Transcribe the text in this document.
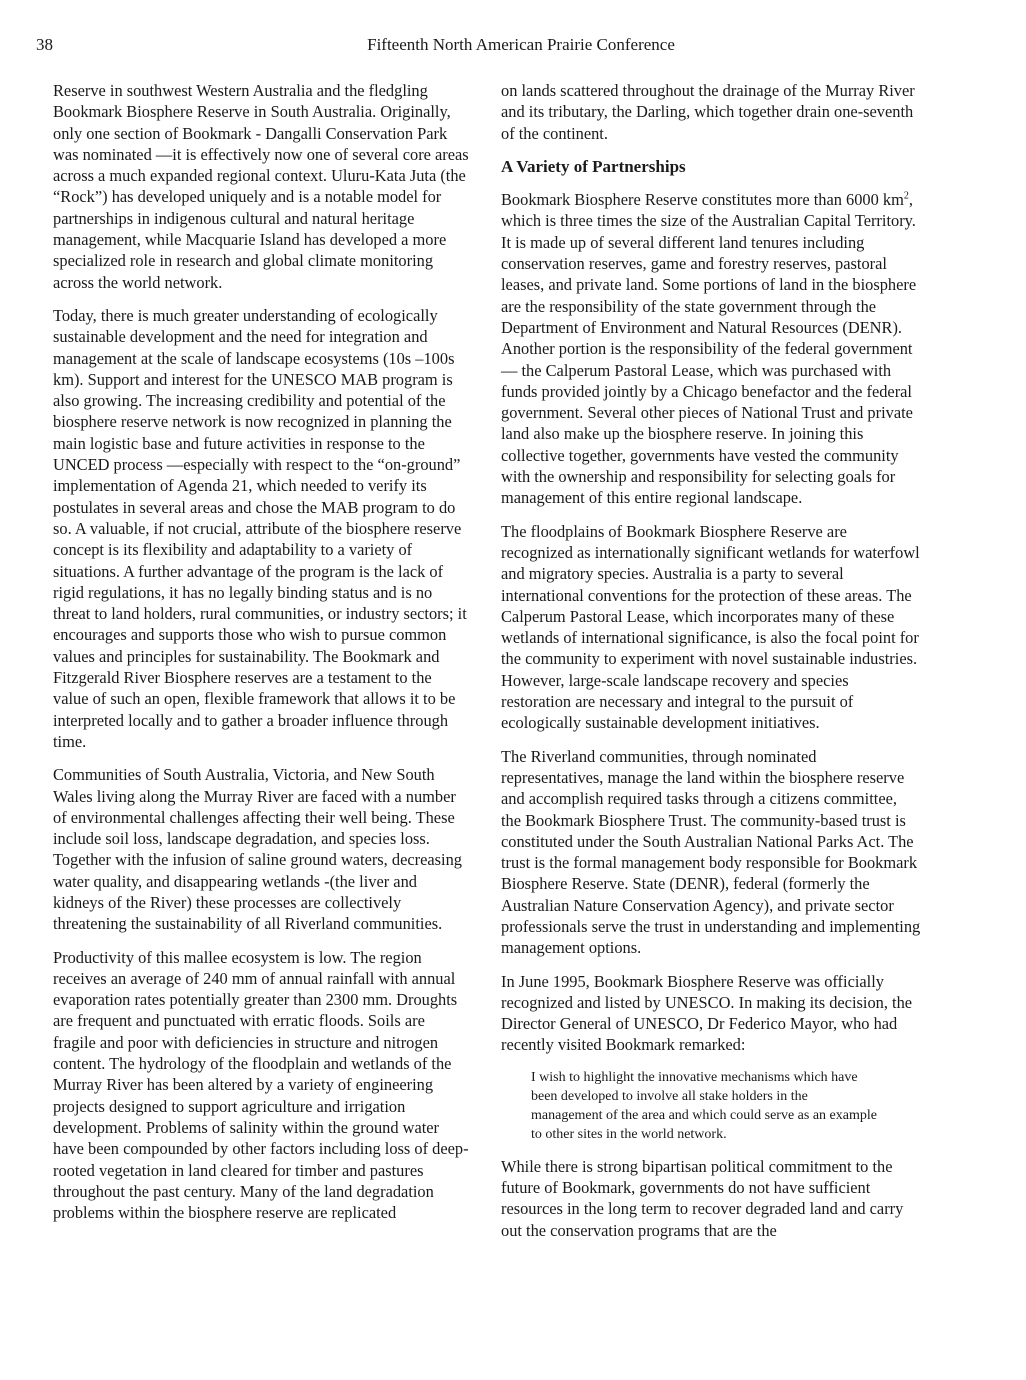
38	Fifteenth North American Prairie Conference

Reserve in southwest Western Australia and the fledgling Bookmark Biosphere Reserve in South Australia. Originally, only one section of Bookmark - Dangalli Conservation Park was nominated —it is effectively now one of several core areas across a much expanded regional context. Uluru-Kata Juta (the “Rock”) has developed uniquely and is a notable model for partnerships in indigenous cultural and natural heritage management, while Macquarie Island has developed a more specialized role in research and global climate monitoring across the world network.

Today, there is much greater understanding of ecologically sustainable development and the need for integration and management at the scale of landscape ecosystems (10s –100s km). Support and interest for the UNESCO MAB program is also growing. The increasing credibility and potential of the biosphere reserve network is now recognized in planning the main logistic base and future activities in response to the UNCED process —especially with respect to the “on-ground” implementation of Agenda 21, which needed to verify its postulates in several areas and chose the MAB program to do so. A valuable, if not crucial, attribute of the biosphere reserve concept is its flexibility and adaptability to a variety of situations. A further advantage of the program is the lack of rigid regulations, it has no legally binding status and is no threat to land holders, rural communities, or industry sectors; it encourages and supports those who wish to pursue common values and principles for sustainability. The Bookmark and Fitzgerald River Biosphere reserves are a testament to the value of such an open, flexible framework that allows it to be interpreted locally and to gather a broader influence through time.

Communities of South Australia, Victoria, and New South Wales living along the Murray River are faced with a number of environmental challenges affecting their well being. These include soil loss, landscape degradation, and species loss. Together with the infusion of saline ground waters, decreasing water quality, and disappearing wetlands -(the liver and kidneys of the River) these processes are collectively threatening the sustainability of all Riverland communities.

Productivity of this mallee ecosystem is low. The region receives an average of 240 mm of annual rainfall with annual evaporation rates potentially greater than 2300 mm. Droughts are frequent and punctuated with erratic floods. Soils are fragile and poor with deficiencies in structure and nitrogen content. The hydrology of the floodplain and wetlands of the Murray River has been altered by a variety of engineering projects designed to support agriculture and irrigation development. Problems of salinity within the ground water have been compounded by other factors including loss of deep-rooted vegetation in land cleared for timber and pastures throughout the past century. Many of the land degradation problems within the biosphere reserve are replicated

on lands scattered throughout the drainage of the Murray River and its tributary, the Darling, which together drain one-seventh of the continent.

A Variety of Partnerships

Bookmark Biosphere Reserve constitutes more than 6000 $km^2$, which is three times the size of the Australian Capital Territory. It is made up of several different land tenures including conservation reserves, game and forestry reserves, pastoral leases, and private land. Some portions of land in the biosphere are the responsibility of the state government through the Department of Environment and Natural Resources (DENR). Another portion is the responsibility of the federal government — the Calperum Pastoral Lease, which was purchased with funds provided jointly by a Chicago benefactor and the federal government. Several other pieces of National Trust and private land also make up the biosphere reserve. In joining this collective together, governments have vested the community with the ownership and responsibility for selecting goals for management of this entire regional landscape.

The floodplains of Bookmark Biosphere Reserve are recognized as internationally significant wetlands for waterfowl and migratory species. Australia is a party to several international conventions for the protection of these areas. The Calperum Pastoral Lease, which incorporates many of these wetlands of international significance, is also the focal point for the community to experiment with novel sustainable industries. However, large-scale landscape recovery and species restoration are necessary and integral to the pursuit of ecologically sustainable development initiatives.

The Riverland communities, through nominated representatives, manage the land within the biosphere reserve and accomplish required tasks through a citizens committee, the Bookmark Biosphere Trust. The community-based trust is constituted under the South Australian National Parks Act. The trust is the formal management body responsible for Bookmark Biosphere Reserve. State (DENR), federal (formerly the Australian Nature Conservation Agency), and private sector professionals serve the trust in understanding and implementing management options.

In June 1995, Bookmark Biosphere Reserve was officially recognized and listed by UNESCO. In making its decision, the Director General of UNESCO, Dr Federico Mayor, who had recently visited Bookmark remarked:

I wish to highlight the innovative mechanisms which have been developed to involve all stake holders in the management of the area and which could serve as an example to other sites in the world network.

While there is strong bipartisan political commitment to the future of Bookmark, governments do not have sufficient resources in the long term to recover degraded land and carry out the conservation programs that are the
